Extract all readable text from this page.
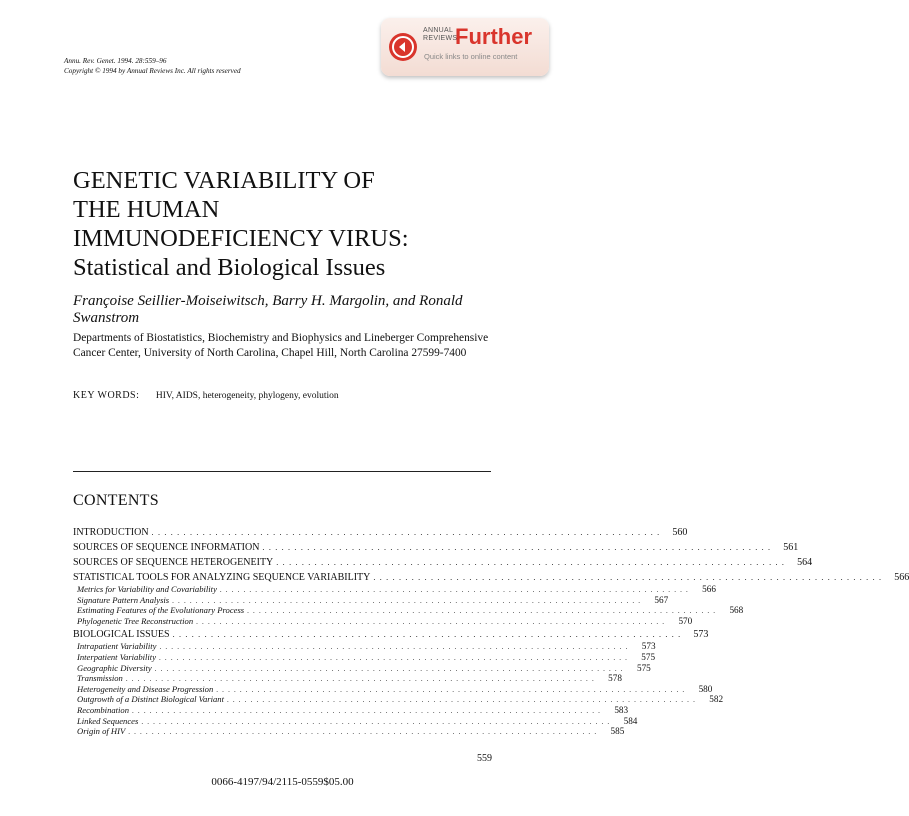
Annu. Rev. Genet. 1994. 28:559–96
Copyright © 1994 by Annual Reviews Inc. All rights reserved
ANNUAL
REVIEWS
Further
Quick links to online content
GENETIC VARIABILITY OF
THE HUMAN
IMMUNODEFICIENCY VIRUS:
Statistical and Biological Issues
Françoise Seillier-Moiseiwitsch, Barry H. Margolin, and Ronald Swanstrom
Departments of Biostatistics, Biochemistry and Biophysics and Lineberger Comprehensive Cancer Center, University of North Carolina, Chapel Hill, North Carolina 27599-7400
KEY WORDS: HIV, AIDS, heterogeneity, phylogeny, evolution
CONTENTS
INTRODUCTION . . . . . . . . . . . . . . . . . . . . . . . . . . . . . . . . . . . . . . . . . . . . . . . . . . . . . . . . . . . . . . . . . . . . . . . . . . . . . . . .	560
SOURCES OF SEQUENCE INFORMATION . . . . . . . . . . . . . . . . . . . . . . . . . . . . . . . . . . . . . . . . . . . . . . . . . . . . . . . . . . . . . . . . . . . . . . . . . . . . . . . .	561
SOURCES OF SEQUENCE HETEROGENEITY . . . . . . . . . . . . . . . . . . . . . . . . . . . . . . . . . . . . . . . . . . . . . . . . . . . . . . . . . . . . . . . . . . . . . . . . . . . . . . . .	564
STATISTICAL TOOLS FOR ANALYZING SEQUENCE VARIABILITY . . . . . . . . . . . . . . . . . . . . . . . . . . . . . . . . . . . . . . . . . . . . . . . . . . . . . . . . . . . . . . . . . . . . . . . . . . . . . . . .	566
Metrics for Variability and Covariability . . . . . . . . . . . . . . . . . . . . . . . . . . . . . . . . . . . . . . . . . . . . . . . . . . . . . . . . . . . . . . . . . . . . . . . . . . . . . . . .	566
Signature Pattern Analysis . . . . . . . . . . . . . . . . . . . . . . . . . . . . . . . . . . . . . . . . . . . . . . . . . . . . . . . . . . . . . . . . . . . . . . . . . . . . . . . .	567
Estimating Features of the Evolutionary Process . . . . . . . . . . . . . . . . . . . . . . . . . . . . . . . . . . . . . . . . . . . . . . . . . . . . . . . . . . . . . . . . . . . . . . . . . . . . . . . .	568
Phylogenetic Tree Reconstruction . . . . . . . . . . . . . . . . . . . . . . . . . . . . . . . . . . . . . . . . . . . . . . . . . . . . . . . . . . . . . . . . . . . . . . . . . . . . . . . .	570
BIOLOGICAL ISSUES . . . . . . . . . . . . . . . . . . . . . . . . . . . . . . . . . . . . . . . . . . . . . . . . . . . . . . . . . . . . . . . . . . . . . . . . . . . . . . . .	573
Intrapatient Variability . . . . . . . . . . . . . . . . . . . . . . . . . . . . . . . . . . . . . . . . . . . . . . . . . . . . . . . . . . . . . . . . . . . . . . . . . . . . . . . .	573
Interpatient Variability . . . . . . . . . . . . . . . . . . . . . . . . . . . . . . . . . . . . . . . . . . . . . . . . . . . . . . . . . . . . . . . . . . . . . . . . . . . . . . . .	575
Geographic Diversity . . . . . . . . . . . . . . . . . . . . . . . . . . . . . . . . . . . . . . . . . . . . . . . . . . . . . . . . . . . . . . . . . . . . . . . . . . . . . . . .	575
Transmission . . . . . . . . . . . . . . . . . . . . . . . . . . . . . . . . . . . . . . . . . . . . . . . . . . . . . . . . . . . . . . . . . . . . . . . . . . . . . . . .	578
Heterogeneity and Disease Progression . . . . . . . . . . . . . . . . . . . . . . . . . . . . . . . . . . . . . . . . . . . . . . . . . . . . . . . . . . . . . . . . . . . . . . . . . . . . . . . .	580
Outgrowth of a Distinct Biological Variant . . . . . . . . . . . . . . . . . . . . . . . . . . . . . . . . . . . . . . . . . . . . . . . . . . . . . . . . . . . . . . . . . . . . . . . . . . . . . . . .	582
Recombination . . . . . . . . . . . . . . . . . . . . . . . . . . . . . . . . . . . . . . . . . . . . . . . . . . . . . . . . . . . . . . . . . . . . . . . . . . . . . . . .	583
Linked Sequences . . . . . . . . . . . . . . . . . . . . . . . . . . . . . . . . . . . . . . . . . . . . . . . . . . . . . . . . . . . . . . . . . . . . . . . . . . . . . . . .	584
Origin of HIV . . . . . . . . . . . . . . . . . . . . . . . . . . . . . . . . . . . . . . . . . . . . . . . . . . . . . . . . . . . . . . . . . . . . . . . . . . . . . . . .	585
559
0066-4197/94/2115-0559$05.00
